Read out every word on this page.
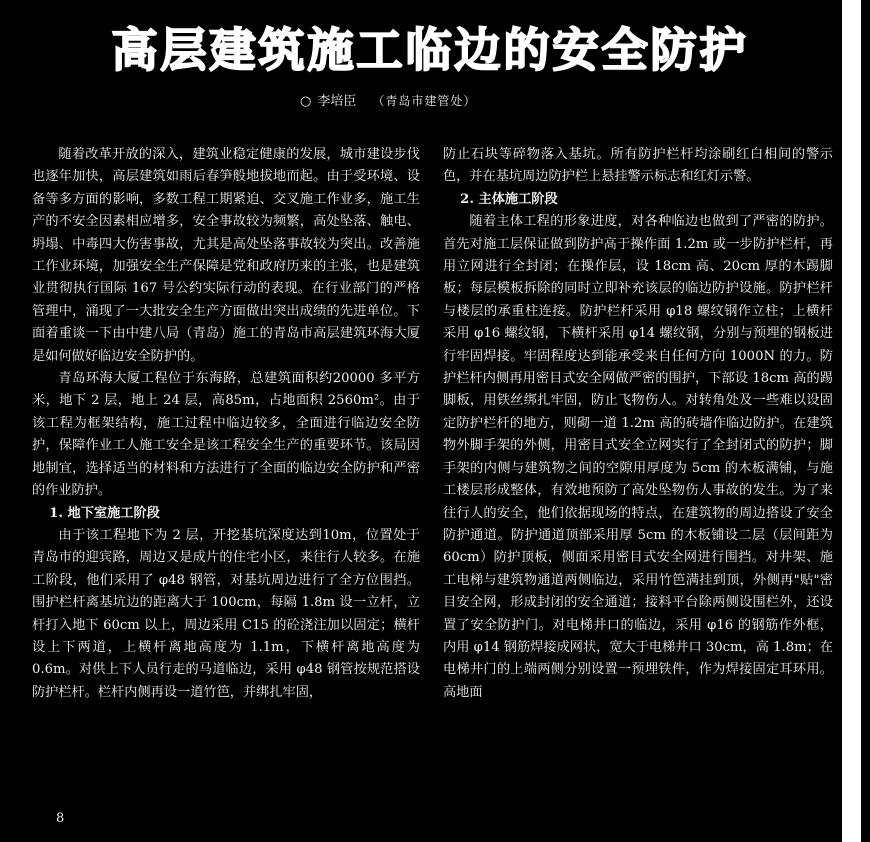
高层建筑施工临边的安全防护
○ 李培臣 （青岛市建管处）

随着改革开放的深入，建筑业稳定健康的发展，城市建设步伐也逐年加快，高层建筑如雨后春笋般地拔地而起。由于受环境、设备等多方面的影响，多数工程工期紧迫、交叉施工作业多，施工生产的不安全因素相应增多，安全事故较为频繁，高处坠落、触电、坍塌、中毒四大伤害事故，尤其是高处坠落事故较为突出。改善施工作业环境，加强安全生产保障是党和政府历来的主张，也是建筑业贯彻执行国际 167 号公约实际行动的表现。在行业部门的严格管理中，涌现了一大批安全生产方面做出突出成绩的先进单位。下面着重谈一下由中建八局（青岛）施工的青岛市高层建筑环海大厦是如何做好临边安全防护的。

青岛环海大厦工程位于东海路，总建筑面积约20000 多平方米，地下 2 层，地上 24 层，高85m，占地面积 2560m²。由于该工程为框架结构，施工过程中临边较多，全面进行临边安全防护，保障作业工人施工安全是该工程安全生产的重要环节。该局因地制宜，选择适当的材料和方法进行了全面的临边安全防护和严密的作业防护。

1. 地下室施工阶段

由于该工程地下为 2 层，开挖基坑深度达到10m，位置处于青岛市的迎宾路，周边又是成片的住宅小区，来往行人较多。在施工阶段，他们采用了 φ48 钢管，对基坑周边进行了全方位围挡。围护栏杆离基坑边的距离大于 100cm，每隔 1.8m 设一立杆，立杆打入地下 60cm 以上，周边采用 C15 的砼浇注加以固定；横杆设上下两道，上横杆离地高度为 1.1m，下横杆离地高度为 0.6m。对供上下人员行走的马道临边，采用 φ48 钢管按规范搭设防护栏杆。栏杆内侧再设一道竹笆，并绑扎牢固，

防止石块等碎物落入基坑。所有防护栏杆均涂刷红白相间的警示色，并在基坑周边防护栏上悬挂警示标志和红灯示警。

2. 主体施工阶段

随着主体工程的形象进度，对各种临边也做到了严密的防护。首先对施工层保证做到防护高于操作面 1.2m 或一步防护栏杆，再用立网进行全封闭；在操作层，设 18cm 高、20cm 厚的木踢脚板；每层模板拆除的同时立即补充该层的临边防护设施。防护栏杆与楼层的承重柱连接。防护栏杆采用 φ18 螺纹钢作立柱；上横杆采用 φ16 螺纹钢，下横杆采用 φ14 螺纹钢，分别与预埋的钢板进行牢固焊接。牢固程度达到能承受来自任何方向 1000N 的力。防护栏杆内侧再用密目式安全网做严密的围护，下部设 18cm 高的踢脚板，用铁丝绑扎牢固，防止飞物伤人。对转角处及一些难以设固定防护栏杆的地方，则砌一道 1.2m 高的砖墙作临边防护。在建筑物外脚手架的外侧，用密目式安全立网实行了全封闭式的防护；脚手架的内侧与建筑物之间的空隙用厚度为 5cm 的木板满铺，与施工楼层形成整体，有效地预防了高处坠物伤人事故的发生。为了来往行人的安全，他们依据现场的特点，在建筑物的周边搭设了安全防护通道。防护通道顶部采用厚 5cm 的木板铺设二层（层间距为 60cm）防护顶板，侧面采用密目式安全网进行围挡。对井架、施工电梯与建筑物通道两侧临边，采用竹笆满挂到顶，外侧再"贴"密目安全网，形成封闭的安全通道；接料平台除两侧设围栏外，还设置了安全防护门。对电梯井口的临边，采用 φ16 的钢筋作外框，内用 φ14 钢筋焊接成网状，宽大于电梯井口 30cm，高 1.8m；在电梯井门的上端两侧分别设置一预埋铁件，作为焊接固定耳环用。高地面

8
